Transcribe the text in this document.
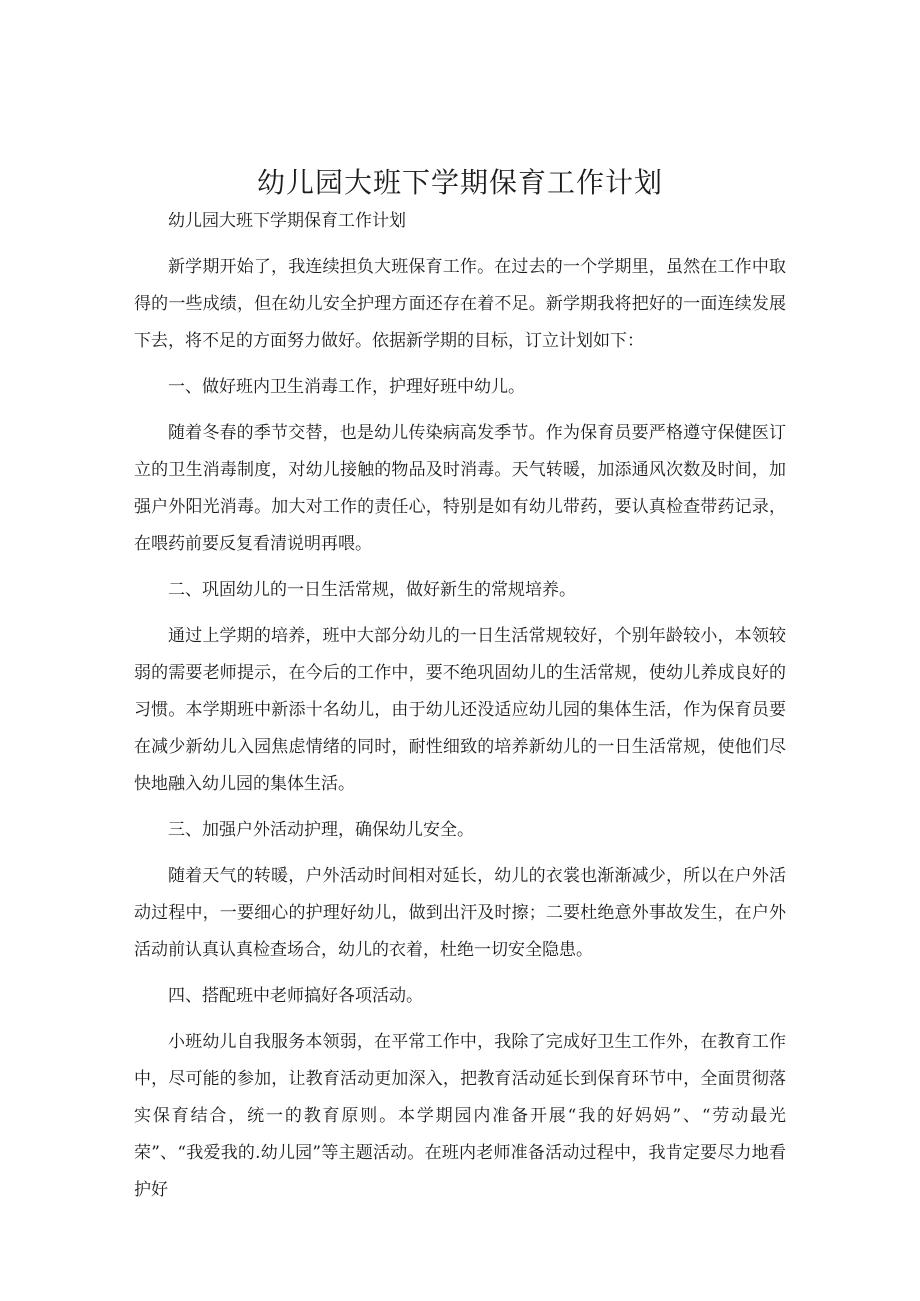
幼儿园大班下学期保育工作计划

幼儿园大班下学期保育工作计划

新学期开始了，我连续担负大班保育工作。在过去的一个学期里，虽然在工作中取得的一些成绩，但在幼儿安全护理方面还存在着不足。新学期我将把好的一面连续发展下去，将不足的方面努力做好。依据新学期的目标，订立计划如下：

一、做好班内卫生消毒工作，护理好班中幼儿。

随着冬春的季节交替，也是幼儿传染病高发季节。作为保育员要严格遵守保健医订立的卫生消毒制度，对幼儿接触的物品及时消毒。天气转暖，加添通风次数及时间，加强户外阳光消毒。加大对工作的责任心，特别是如有幼儿带药，要认真检查带药记录，在喂药前要反复看清说明再喂。

二、巩固幼儿的一日生活常规，做好新生的常规培养。

通过上学期的培养，班中大部分幼儿的一日生活常规较好，个别年龄较小，本领较弱的需要老师提示，在今后的工作中，要不绝巩固幼儿的生活常规，使幼儿养成良好的习惯。本学期班中新添十名幼儿，由于幼儿还没适应幼儿园的集体生活，作为保育员要在减少新幼儿入园焦虑情绪的同时，耐性细致的培养新幼儿的一日生活常规，使他们尽快地融入幼儿园的集体生活。

三、加强户外活动护理，确保幼儿安全。

随着天气的转暖，户外活动时间相对延长，幼儿的衣裳也渐渐减少，所以在户外活动过程中，一要细心的护理好幼儿，做到出汗及时擦；二要杜绝意外事故发生，在户外活动前认真认真检查场合，幼儿的衣着，杜绝一切安全隐患。

四、搭配班中老师搞好各项活动。

小班幼儿自我服务本领弱，在平常工作中，我除了完成好卫生工作外，在教育工作中，尽可能的参加，让教育活动更加深入，把教育活动延长到保育环节中，全面贯彻落实保育结合，统一的教育原则。本学期园内准备开展“我的好妈妈”、“劳动最光荣”、“我爱我的.幼儿园”等主题活动。在班内老师准备活动过程中，我肯定要尽力地看护好
